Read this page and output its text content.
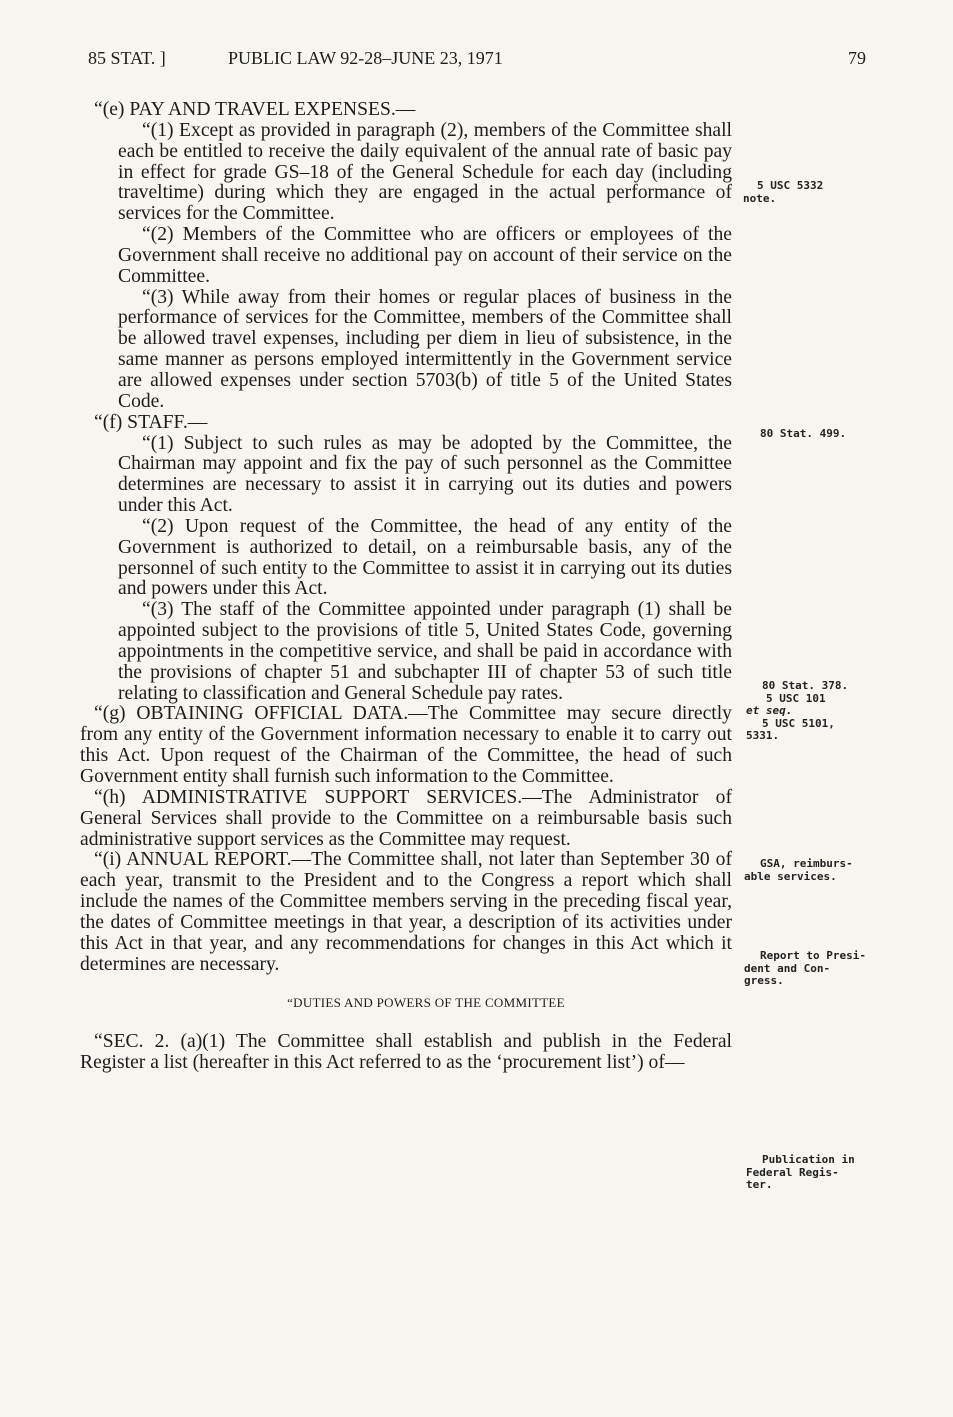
85 STAT. ]	PUBLIC LAW 92-28–JUNE 23, 1971	79

“(e) PAY AND TRAVEL EXPENSES.—

“(1) Except as provided in paragraph (2), members of the Committee shall each be entitled to receive the daily equivalent of the annual rate of basic pay in effect for grade GS–18 of the General Schedule for each day (including traveltime) during which they are engaged in the actual performance of services for the Committee.

“(2) Members of the Committee who are officers or employees of the Government shall receive no additional pay on account of their service on the Committee.

“(3) While away from their homes or regular places of business in the performance of services for the Committee, members of the Committee shall be allowed travel expenses, including per diem in lieu of subsistence, in the same manner as persons employed intermittently in the Government service are allowed expenses under section 5703(b) of title 5 of the United States Code.

“(f) STAFF.—

“(1) Subject to such rules as may be adopted by the Committee, the Chairman may appoint and fix the pay of such personnel as the Committee determines are necessary to assist it in carrying out its duties and powers under this Act.

“(2) Upon request of the Committee, the head of any entity of the Government is authorized to detail, on a reimbursable basis, any of the personnel of such entity to the Committee to assist it in carrying out its duties and powers under this Act.

“(3) The staff of the Committee appointed under paragraph (1) shall be appointed subject to the provisions of title 5, United States Code, governing appointments in the competitive service, and shall be paid in accordance with the provisions of chapter 51 and subchapter III of chapter 53 of such title relating to classification and General Schedule pay rates.

“(g) OBTAINING OFFICIAL DATA.—The Committee may secure directly from any entity of the Government information necessary to enable it to carry out this Act. Upon request of the Chairman of the Committee, the head of such Government entity shall furnish such information to the Committee.

“(h) ADMINISTRATIVE SUPPORT SERVICES.—The Administrator of General Services shall provide to the Committee on a reimbursable basis such administrative support services as the Committee may request.

“(i) ANNUAL REPORT.—The Committee shall, not later than September 30 of each year, transmit to the President and to the Congress a report which shall include the names of the Committee members serving in the preceding fiscal year, the dates of Committee meetings in that year, a description of its activities under this Act in that year, and any recommendations for changes in this Act which it determines are necessary.

“DUTIES AND POWERS OF THE COMMITTEE

“SEC. 2. (a)(1) The Committee shall establish and publish in the Federal Register a list (hereafter in this Act referred to as the ‘procurement list’) of—

5 USC 5332
note.
80 Stat. 499.
80 Stat. 378.
5 USC 101
et seq.
5 USC 5101,
5331.
GSA, reimburs-
able services.
Report to Presi-
dent and Con-
gress.
Publication in
Federal Regis-
ter.
